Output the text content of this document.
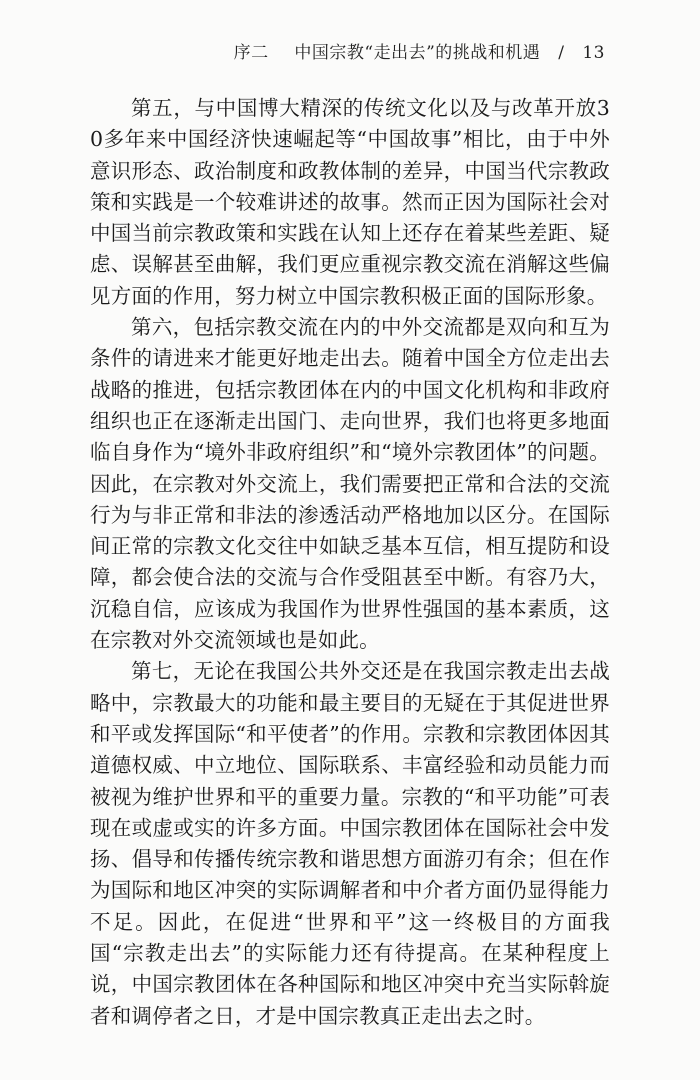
序二 中国宗教“走出去”的挑战和机遇 / 13

第五，与中国博大精深的传统文化以及与改革开放30多年来中国经济快速崛起等“中国故事”相比，由于中外意识形态、政治制度和政教体制的差异，中国当代宗教政策和实践是一个较难讲述的故事。然而正因为国际社会对中国当前宗教政策和实践在认知上还存在着某些差距、疑虑、误解甚至曲解，我们更应重视宗教交流在消解这些偏见方面的作用，努力树立中国宗教积极正面的国际形象。

第六，包括宗教交流在内的中外交流都是双向和互为条件的请进来才能更好地走出去。随着中国全方位走出去战略的推进，包括宗教团体在内的中国文化机构和非政府组织也正在逐渐走出国门、走向世界，我们也将更多地面临自身作为“境外非政府组织”和“境外宗教团体”的问题。因此，在宗教对外交流上，我们需要把正常和合法的交流行为与非正常和非法的渗透活动严格地加以区分。在国际间正常的宗教文化交往中如缺乏基本互信，相互提防和设障，都会使合法的交流与合作受阻甚至中断。有容乃大，沉稳自信，应该成为我国作为世界性强国的基本素质，这在宗教对外交流领域也是如此。

第七，无论在我国公共外交还是在我国宗教走出去战略中，宗教最大的功能和最主要目的无疑在于其促进世界和平或发挥国际“和平使者”的作用。宗教和宗教团体因其道德权威、中立地位、国际联系、丰富经验和动员能力而被视为维护世界和平的重要力量。宗教的“和平功能”可表现在或虚或实的许多方面。中国宗教团体在国际社会中发扬、倡导和传播传统宗教和谐思想方面游刃有余；但在作为国际和地区冲突的实际调解者和中介者方面仍显得能力不足。因此，在促进“世界和平”这一终极目的方面我国“宗教走出去”的实际能力还有待提高。在某种程度上说，中国宗教团体在各种国际和地区冲突中充当实际斡旋者和调停者之日，才是中国宗教真正走出去之时。
